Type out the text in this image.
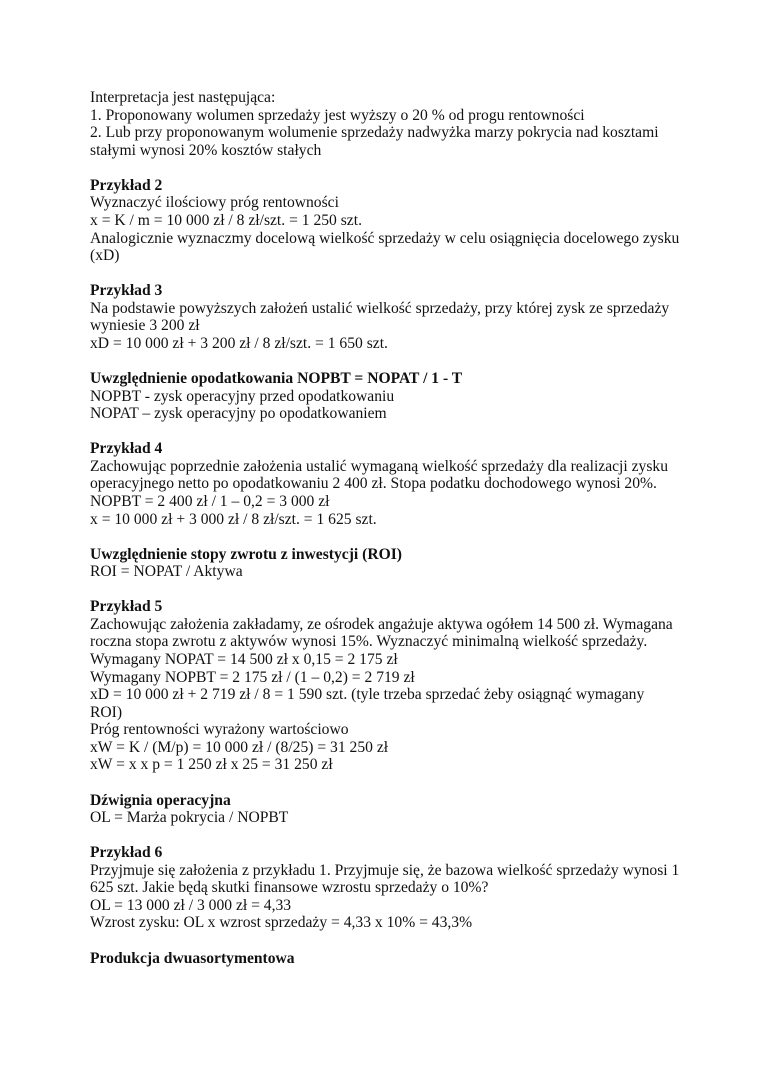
Interpretacja jest następująca:
1. Proponowany wolumen sprzedaży jest wyższy o 20 % od progu rentowności
2. Lub przy proponowanym wolumenie sprzedaży nadwyżka marzy pokrycia nad kosztami
stałymi wynosi 20% kosztów stałych
Przykład 2
Wyznaczyć ilościowy próg rentowności
x = K / m = 10 000 zł / 8 zł/szt. = 1 250 szt.
Analogicznie wyznaczmy docelową wielkość sprzedaży w celu osiągnięcia docelowego zysku
(xD)
Przykład 3
Na podstawie powyższych założeń ustalić wielkość sprzedaży, przy której zysk ze sprzedaży
wyniesie 3 200 zł
xD = 10 000 zł + 3 200 zł / 8 zł/szt. = 1 650 szt.
Uwzględnienie opodatkowania NOPBT = NOPAT / 1 - T
NOPBT - zysk operacyjny przed opodatkowaniu
NOPAT – zysk operacyjny po opodatkowaniem
Przykład 4
Zachowując poprzednie założenia ustalić wymaganą wielkość sprzedaży dla realizacji zysku
operacyjnego netto po opodatkowaniu 2 400 zł. Stopa podatku dochodowego wynosi 20%.
NOPBT = 2 400 zł / 1 – 0,2 = 3 000 zł
x = 10 000 zł + 3 000 zł / 8 zł/szt. = 1 625 szt.
Uwzględnienie stopy zwrotu z inwestycji (ROI)
ROI = NOPAT / Aktywa
Przykład 5
Zachowując założenia zakładamy, ze ośrodek angażuje aktywa ogółem 14 500 zł. Wymagana
roczna stopa zwrotu z aktywów wynosi 15%. Wyznaczyć minimalną wielkość sprzedaży.
Wymagany NOPAT = 14 500 zł x 0,15 = 2 175 zł
Wymagany NOPBT = 2 175 zł / (1 – 0,2) = 2 719 zł
xD = 10 000 zł + 2 719 zł / 8 = 1 590 szt. (tyle trzeba sprzedać żeby osiągnąć wymagany
ROI)
Próg rentowności wyrażony wartościowo
xW = K / (M/p) = 10 000 zł / (8/25) = 31 250 zł
xW = x x p = 1 250 zł x 25 = 31 250 zł
Dźwignia operacyjna
OL = Marża pokrycia / NOPBT
Przykład 6
Przyjmuje się założenia z przykładu 1. Przyjmuje się, że bazowa wielkość sprzedaży wynosi 1
625 szt. Jakie będą skutki finansowe wzrostu sprzedaży o 10%?
OL = 13 000 zł / 3 000 zł = 4,33
Wzrost zysku: OL x wzrost sprzedaży = 4,33 x 10% = 43,3%
Produkcja dwuasortymentowa
